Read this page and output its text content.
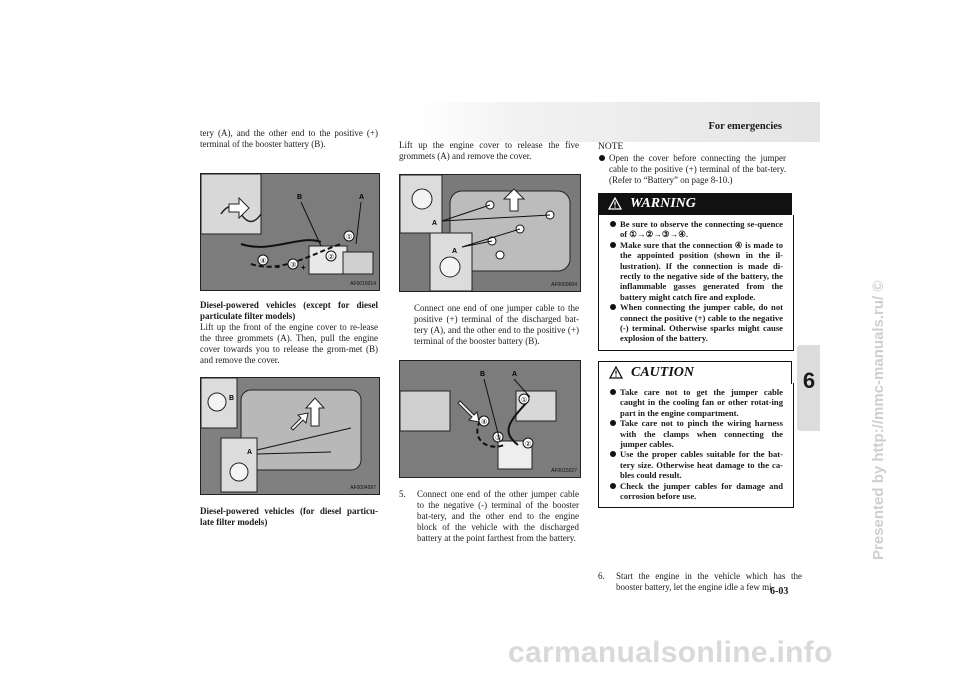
For emergencies
6	Presented by http://mmc-manuals.ru/ ©
carmanualsonline.info
6-03
tery (A), and the other end to the positive (+) terminal of the booster battery (B).
B	A
①
②
③
④
+
−
AF0015014
Diesel-powered vehicles (except for diesel particulate filter models)
Lift up the front of the engine cover to re-lease the three grommets (A). Then, pull the engine cover towards you to release the grom-met (B) and remove the cover.
B
A
AF0004997
Diesel-powered vehicles (for diesel particu-late filter models)
Lift up the engine cover to release the five grommets (A) and remove the cover.
A
A
AF0009604
Connect one end of one jumper cable to the positive (+) terminal of the discharged bat-tery (A), and the other end to the positive (+) terminal of the booster battery (B).
B	A
①
②
③
④
AF0015027
5. Connect one end of the other jumper cable to the negative (-) terminal of the booster bat-tery, and the other end to the engine block of the vehicle with the discharged battery at the point farthest from the battery.
NOTE
Open the cover before connecting the jumper cable to the positive (+) terminal of the bat-tery. (Refer to “Battery” on page 8-10.)
WARNING
Be sure to observe the connecting se-quence of ①→②→③→④.
Make sure that the connection ④ is made to the appointed position (shown in the il-lustration). If the connection is made di-rectly to the negative side of the battery, the inflammable gasses generated from the battery might catch fire and explode.
When connecting the jumper cable, do not connect the positive (+) cable to the negative (-) terminal. Otherwise sparks might cause explosion of the battery.
CAUTION
Take care not to get the jumper cable caught in the cooling fan or other rotat-ing part in the engine compartment.
Take care not to pinch the wiring harness with the clamps when connecting the jumper cables.
Use the proper cables suitable for the bat-tery size. Otherwise heat damage to the ca-bles could result.
Check the jumper cables for damage and corrosion before use.
6. Start the engine in the vehicle which has the booster battery, let the engine idle a few mi-
